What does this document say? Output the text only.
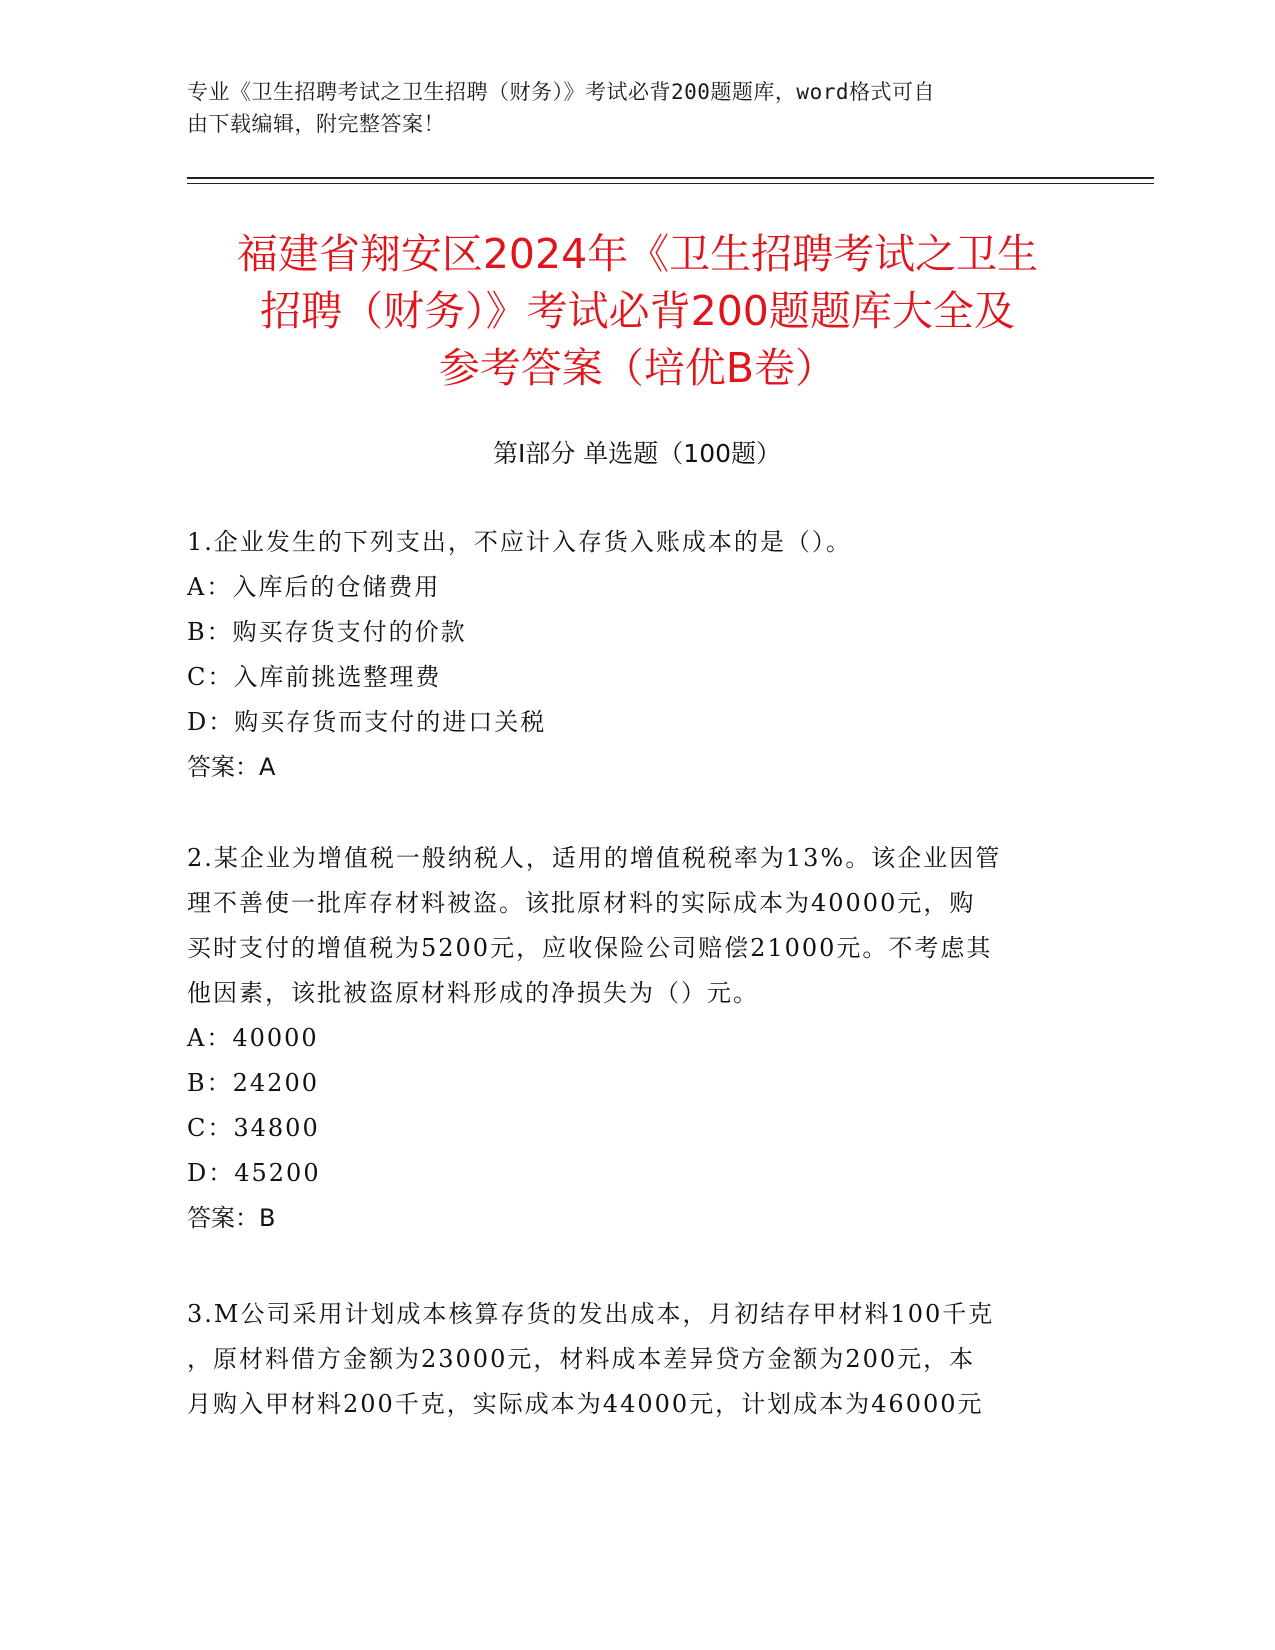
专业《卫生招聘考试之卫生招聘（财务）》考试必背200题题库，word格式可自
由下载编辑，附完整答案！
福建省翔安区2024年《卫生招聘考试之卫生
招聘（财务）》考试必背200题题库大全及
参考答案（培优B卷）
第Ⅰ部分 单选题（100题）
1.企业发生的下列支出，不应计入存货入账成本的是（）。
A：入库后的仓储费用
B：购买存货支付的价款
C：入库前挑选整理费
D：购买存货而支付的进口关税
答案：A
2.某企业为增值税一般纳税人，适用的增值税税率为13%。该企业因管
理不善使一批库存材料被盗。该批原材料的实际成本为40000元，购
买时支付的增值税为5200元，应收保险公司赔偿21000元。不考虑其
他因素，该批被盗原材料形成的净损失为（）元。
A：40000
B：24200
C：34800
D：45200
答案：B
3.M公司采用计划成本核算存货的发出成本，月初结存甲材料100千克
，原材料借方金额为23000元，材料成本差异贷方金额为200元，本
月购入甲材料200千克，实际成本为44000元，计划成本为46000元
